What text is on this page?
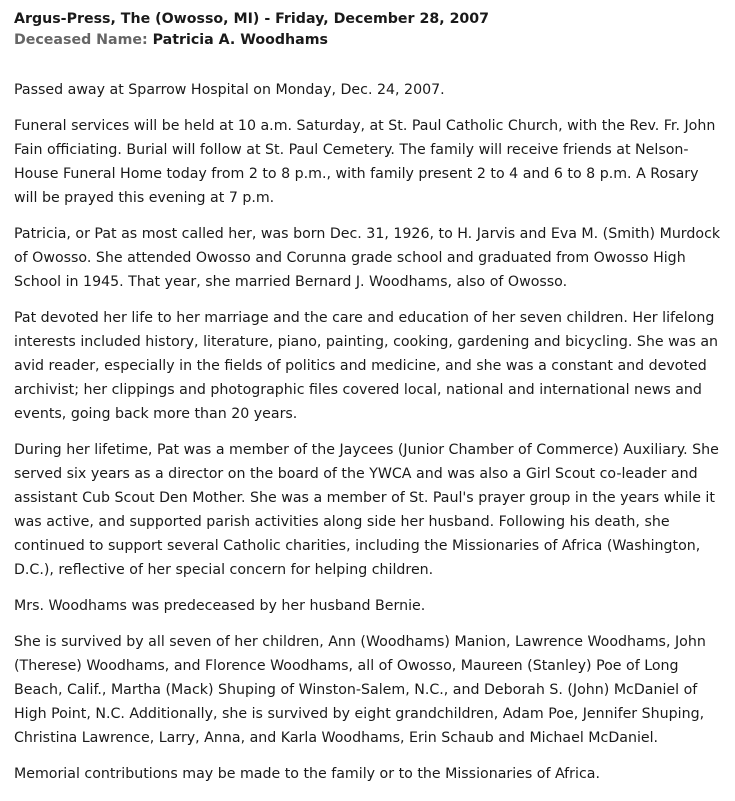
Argus-Press, The (Owosso, MI) - Friday, December 28, 2007
Deceased Name: Patricia A. Woodhams

Passed away at Sparrow Hospital on Monday, Dec. 24, 2007.

Funeral services will be held at 10 a.m. Saturday, at St. Paul Catholic Church, with the Rev. Fr. John Fain officiating. Burial will follow at St. Paul Cemetery. The family will receive friends at Nelson-House Funeral Home today from 2 to 8 p.m., with family present 2 to 4 and 6 to 8 p.m. A Rosary will be prayed this evening at 7 p.m.

Patricia, or Pat as most called her, was born Dec. 31, 1926, to H. Jarvis and Eva M. (Smith) Murdock of Owosso. She attended Owosso and Corunna grade school and graduated from Owosso High School in 1945. That year, she married Bernard J. Woodhams, also of Owosso.

Pat devoted her life to her marriage and the care and education of her seven children. Her lifelong interests included history, literature, piano, painting, cooking, gardening and bicycling. She was an avid reader, especially in the fields of politics and medicine, and she was a constant and devoted archivist; her clippings and photographic files covered local, national and international news and events, going back more than 20 years.

During her lifetime, Pat was a member of the Jaycees (Junior Chamber of Commerce) Auxiliary. She served six years as a director on the board of the YWCA and was also a Girl Scout co-leader and assistant Cub Scout Den Mother. She was a member of St. Paul's prayer group in the years while it was active, and supported parish activities along side her husband. Following his death, she continued to support several Catholic charities, including the Missionaries of Africa (Washington, D.C.), reflective of her special concern for helping children.

Mrs. Woodhams was predeceased by her husband Bernie.

She is survived by all seven of her children, Ann (Woodhams) Manion, Lawrence Woodhams, John (Therese) Woodhams, and Florence Woodhams, all of Owosso, Maureen (Stanley) Poe of Long Beach, Calif., Martha (Mack) Shuping of Winston-Salem, N.C., and Deborah S. (John) McDaniel of High Point, N.C. Additionally, she is survived by eight grandchildren, Adam Poe, Jennifer Shuping, Christina Lawrence, Larry, Anna, and Karla Woodhams, Erin Schaub and Michael McDaniel.

Memorial contributions may be made to the family or to the Missionaries of Africa.
